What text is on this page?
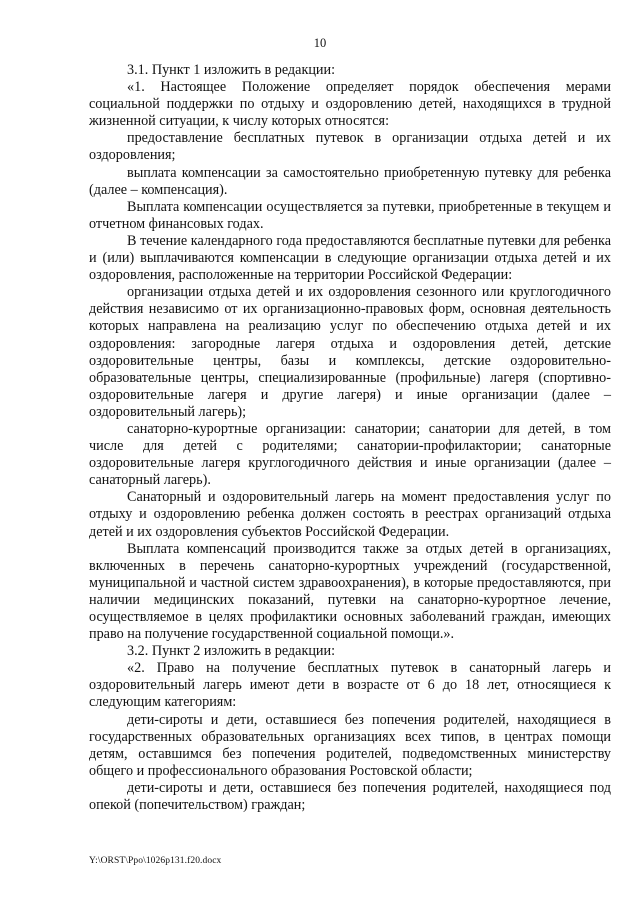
10

3.1. Пункт 1 изложить в редакции:

«1. Настоящее Положение определяет порядок обеспечения мерами социальной поддержки по отдыху и оздоровлению детей, находящихся в трудной жизненной ситуации, к числу которых относятся:

предоставление бесплатных путевок в организации отдыха детей и их оздоровления;

выплата компенсации за самостоятельно приобретенную путевку для ребенка (далее – компенсация).

Выплата компенсации осуществляется за путевки, приобретенные в текущем и отчетном финансовых годах.

В течение календарного года предоставляются бесплатные путевки для ребенка и (или) выплачиваются компенсации в следующие организации отдыха детей и их оздоровления, расположенные на территории Российской Федерации:

организации отдыха детей и их оздоровления сезонного или круглогодичного действия независимо от их организационно-правовых форм, основная деятельность которых направлена на реализацию услуг по обеспечению отдыха детей и их оздоровления: загородные лагеря отдыха и оздоровления детей, детские оздоровительные центры, базы и комплексы, детские оздоровительно-образовательные центры, специализированные (профильные) лагеря (спортивно-оздоровительные лагеря и другие лагеря) и иные организации (далее – оздоровительный лагерь);

санаторно-курортные организации: санатории; санатории для детей, в том числе для детей с родителями; санатории-профилактории; санаторные оздоровительные лагеря круглогодичного действия и иные организации (далее – санаторный лагерь).

Санаторный и оздоровительный лагерь на момент предоставления услуг по отдыху и оздоровлению ребенка должен состоять в реестрах организаций отдыха детей и их оздоровления субъектов Российской Федерации.

Выплата компенсаций производится также за отдых детей в организациях, включенных в перечень санаторно-курортных учреждений (государственной, муниципальной и частной систем здравоохранения), в которые предоставляются, при наличии медицинских показаний, путевки на санаторно-курортное лечение, осуществляемое в целях профилактики основных заболеваний граждан, имеющих право на получение государственной социальной помощи.».

3.2. Пункт 2 изложить в редакции:

«2. Право на получение бесплатных путевок в санаторный лагерь и оздоровительный лагерь имеют дети в возрасте от 6 до 18 лет, относящиеся к следующим категориям:

дети-сироты и дети, оставшиеся без попечения родителей, находящиеся в государственных образовательных организациях всех типов, в центрах помощи детям, оставшимся без попечения родителей, подведомственных министерству общего и профессионального образования Ростовской области;

дети-сироты и дети, оставшиеся без попечения родителей, находящиеся под опекой (попечительством) граждан;

Y:\ORST\Ppo\1026p131.f20.docx
